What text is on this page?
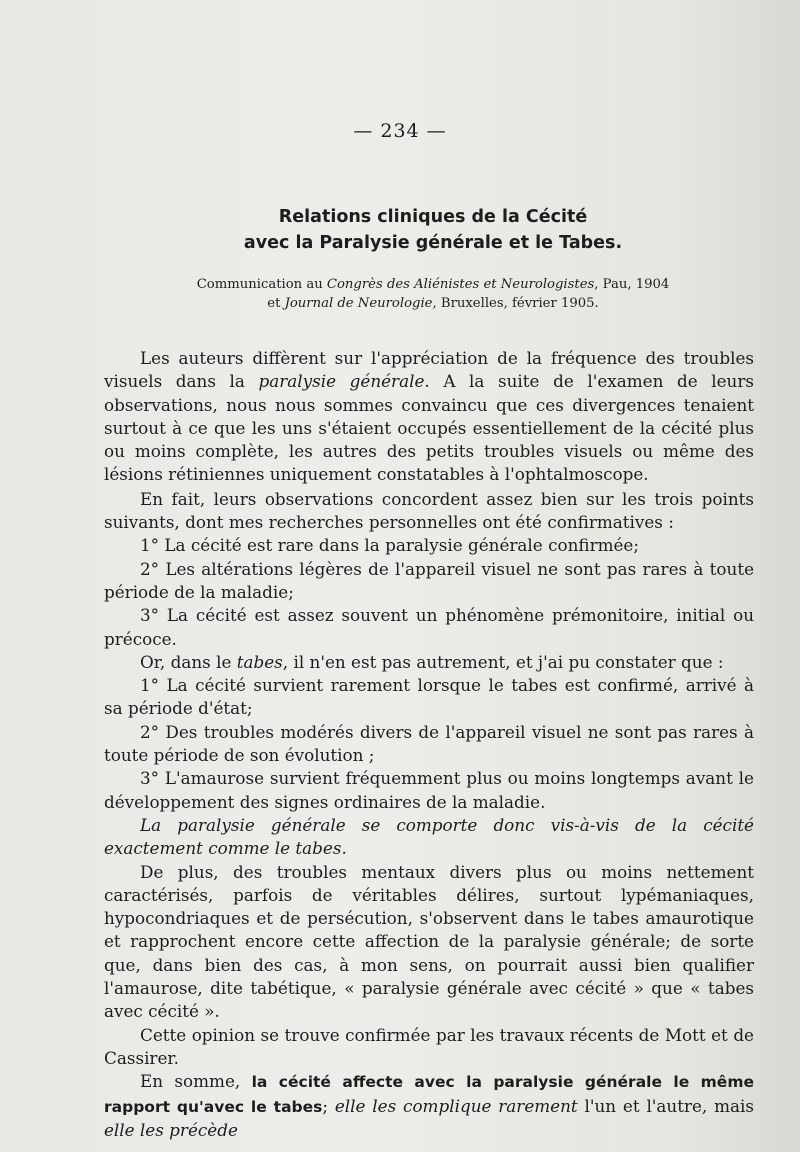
— 234 —
Relations cliniques de la Cécité
avec la Paralysie générale et le Tabes.
Communication au Congrès des Aliénistes et Neurologistes, Pau, 1904
et Journal de Neurologie, Bruxelles, février 1905.

Les auteurs diffèrent sur l'appréciation de la fréquence des troubles visuels dans la paralysie générale. A la suite de l'examen de leurs observations, nous nous sommes convaincu que ces divergences tenaient surtout à ce que les uns s'étaient occupés essentiellement de la cécité plus ou moins complète, les autres des petits troubles visuels ou même des lésions rétiniennes uniquement constatables à l'ophtalmoscope.

En fait, leurs observations concordent assez bien sur les trois points suivants, dont mes recherches personnelles ont été confirmatives :

1° La cécité est rare dans la paralysie générale confirmée;

2° Les altérations légères de l'appareil visuel ne sont pas rares à toute période de la maladie;

3° La cécité est assez souvent un phénomène prémonitoire, initial ou précoce.

Or, dans le tabes, il n'en est pas autrement, et j'ai pu constater que :

1° La cécité survient rarement lorsque le tabes est confirmé, arrivé à sa période d'état;

2° Des troubles modérés divers de l'appareil visuel ne sont pas rares à toute période de son évolution ;

3° L'amaurose survient fréquemment plus ou moins longtemps avant le développement des signes ordinaires de la maladie.

La paralysie générale se comporte donc vis-à-vis de la cécité exactement comme le tabes.

De plus, des troubles mentaux divers plus ou moins nettement caractérisés, parfois de véritables délires, surtout lypémaniaques, hypocondriaques et de persécution, s'observent dans le tabes amaurotique et rapprochent encore cette affection de la paralysie générale; de sorte que, dans bien des cas, à mon sens, on pourrait aussi bien qualifier l'amaurose, dite tabétique, « paralysie générale avec cécité » que « tabes avec cécité ».

Cette opinion se trouve confirmée par les travaux récents de Mott et de Cassirer.

En somme, la cécité affecte avec la paralysie générale le même rapport qu'avec le tabes; elle les complique rarement l'un et l'autre, mais elle les précède
